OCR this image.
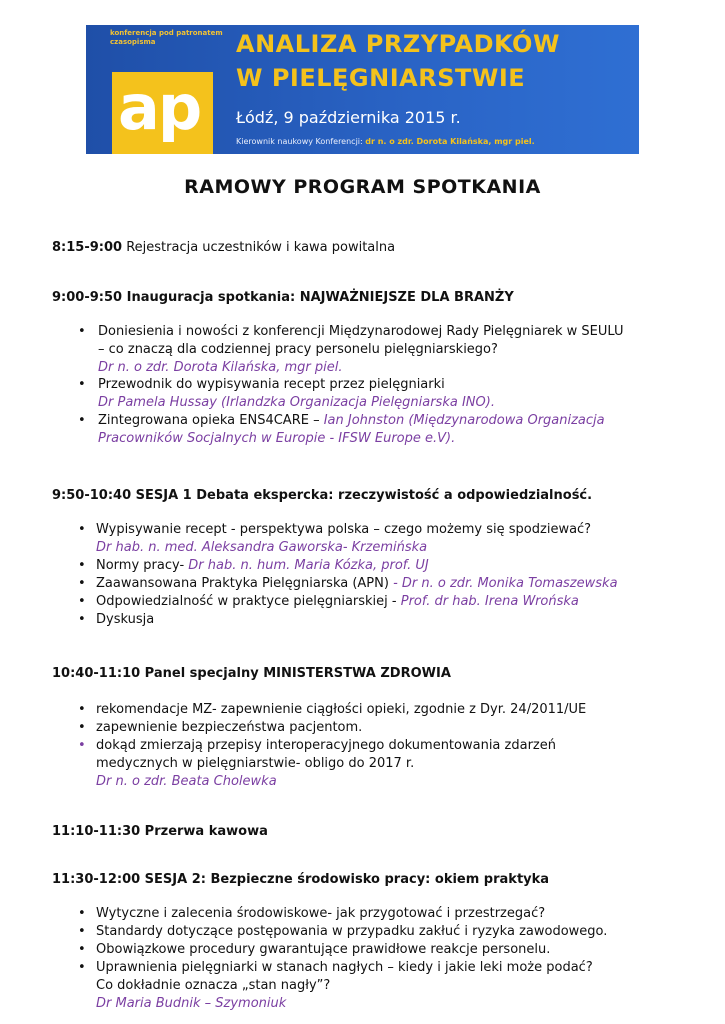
konferencja pod patronatem
czasopisma
ap
ANALIZA PRZYPADKÓW
W PIELĘGNIARSTWIE
Łódź, 9 października 2015 r.
Kierownik naukowy Konferencji: dr n. o zdr. Dorota Kilańska, mgr piel.
RAMOWY PROGRAM SPOTKANIA
8:15-9:00 Rejestracja uczestników i kawa powitalna
9:00-9:50 Inauguracja spotkania: NAJWAŻNIEJSZE DLA BRANŻY
• Doniesienia i nowości z konferencji Międzynarodowej Rady Pielęgniarek w SEULU
– co znaczą dla codziennej pracy personelu pielęgniarskiego?
Dr n. o zdr. Dorota Kilańska, mgr piel.
• Przewodnik do wypisywania recept przez pielęgniarki
Dr Pamela Hussay (Irlandzka Organizacja Pielęgniarska INO).
• Zintegrowana opieka ENS4CARE – Ian Johnston (Międzynarodowa Organizacja
Pracowników Socjalnych w Europie - IFSW Europe e.V).
9:50-10:40 SESJA 1 Debata ekspercka: rzeczywistość a odpowiedzialność.
• Wypisywanie recept - perspektywa polska – czego możemy się spodziewać?
Dr hab. n. med. Aleksandra Gaworska- Krzemińska
• Normy pracy- Dr hab. n. hum. Maria Kózka, prof. UJ
• Zaawansowana Praktyka Pielęgniarska (APN) - Dr n. o zdr. Monika Tomaszewska
• Odpowiedzialność w praktyce pielęgniarskiej - Prof. dr hab. Irena Wrońska
• Dyskusja
10:40-11:10 Panel specjalny MINISTERSTWA ZDROWIA
• rekomendacje MZ- zapewnienie ciągłości opieki, zgodnie z Dyr. 24/2011/UE
• zapewnienie bezpieczeństwa pacjentom.
• dokąd zmierzają przepisy interoperacyjnego dokumentowania zdarzeń
medycznych w pielęgniarstwie- obligo do 2017 r.
Dr n. o zdr. Beata Cholewka
11:10-11:30 Przerwa kawowa
11:30-12:00 SESJA 2: Bezpieczne środowisko pracy: okiem praktyka
• Wytyczne i zalecenia środowiskowe- jak przygotować i przestrzegać?
• Standardy dotyczące postępowania w przypadku zakłuć i ryzyka zawodowego.
• Obowiązkowe procedury gwarantujące prawidłowe reakcje personelu.
• Uprawnienia pielęgniarki w stanach nagłych – kiedy i jakie leki może podać?
Co dokładnie oznacza „stan nagły”?
Dr Maria Budnik – Szymoniuk
